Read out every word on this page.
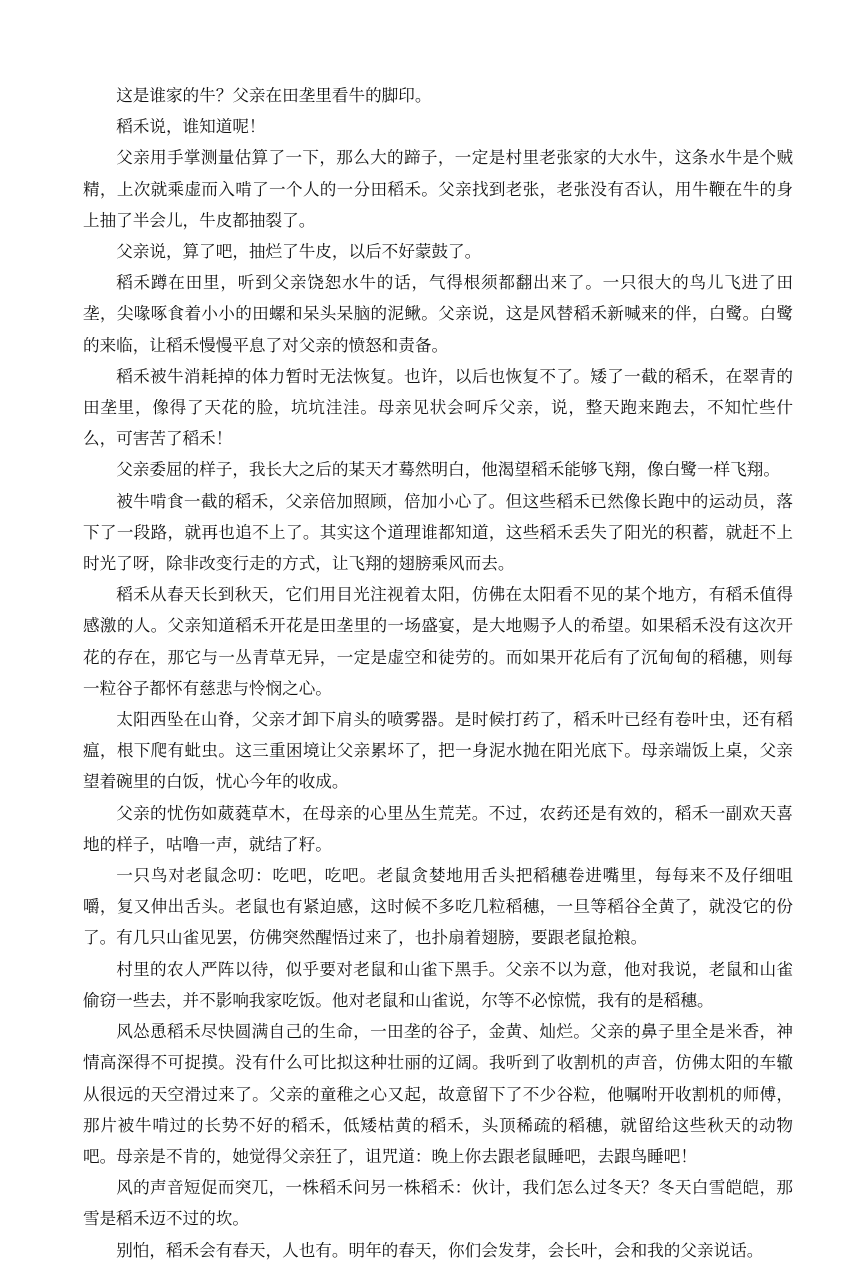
这是谁家的牛？父亲在田垄里看牛的脚印。

稻禾说，谁知道呢！

父亲用手掌测量估算了一下，那么大的蹄子，一定是村里老张家的大水牛，这条水牛是个贼精，上次就乘虚而入啃了一个人的一分田稻禾。父亲找到老张，老张没有否认，用牛鞭在牛的身上抽了半会儿，牛皮都抽裂了。

父亲说，算了吧，抽烂了牛皮，以后不好蒙鼓了。

稻禾蹲在田里，听到父亲饶恕水牛的话，气得根须都翻出来了。一只很大的鸟儿飞进了田垄，尖喙啄食着小小的田螺和呆头呆脑的泥鳅。父亲说，这是风替稻禾新喊来的伴，白鹭。白鹭的来临，让稻禾慢慢平息了对父亲的愤怒和责备。

稻禾被牛消耗掉的体力暂时无法恢复。也许，以后也恢复不了。矮了一截的稻禾，在翠青的田垄里，像得了天花的脸，坑坑洼洼。母亲见状会呵斥父亲，说，整天跑来跑去，不知忙些什么，可害苦了稻禾！

父亲委屈的样子，我长大之后的某天才蓦然明白，他渴望稻禾能够飞翔，像白鹭一样飞翔。

被牛啃食一截的稻禾，父亲倍加照顾，倍加小心了。但这些稻禾已然像长跑中的运动员，落下了一段路，就再也追不上了。其实这个道理谁都知道，这些稻禾丢失了阳光的积蓄，就赶不上时光了呀，除非改变行走的方式，让飞翔的翅膀乘风而去。

稻禾从春天长到秋天，它们用目光注视着太阳，仿佛在太阳看不见的某个地方，有稻禾值得感激的人。父亲知道稻禾开花是田垄里的一场盛宴，是大地赐予人的希望。如果稻禾没有这次开花的存在，那它与一丛青草无异，一定是虚空和徒劳的。而如果开花后有了沉甸甸的稻穗，则每一粒谷子都怀有慈悲与怜悯之心。

太阳西坠在山脊，父亲才卸下肩头的喷雾器。是时候打药了，稻禾叶已经有卷叶虫，还有稻瘟，根下爬有蚍虫。这三重困境让父亲累坏了，把一身泥水抛在阳光底下。母亲端饭上桌，父亲望着碗里的白饭，忧心今年的收成。

父亲的忧伤如葳蕤草木，在母亲的心里丛生荒芜。不过，农药还是有效的，稻禾一副欢天喜地的样子，咕噜一声，就结了籽。

一只鸟对老鼠念叨：吃吧，吃吧。老鼠贪婪地用舌头把稻穗卷进嘴里，每每来不及仔细咀嚼，复又伸出舌头。老鼠也有紧迫感，这时候不多吃几粒稻穗，一旦等稻谷全黄了，就没它的份了。有几只山雀见罢，仿佛突然醒悟过来了，也扑扇着翅膀，要跟老鼠抢粮。

村里的农人严阵以待，似乎要对老鼠和山雀下黑手。父亲不以为意，他对我说，老鼠和山雀偷窃一些去，并不影响我家吃饭。他对老鼠和山雀说，尔等不必惊慌，我有的是稻穗。

风怂恿稻禾尽快圆满自己的生命，一田垄的谷子，金黄、灿烂。父亲的鼻子里全是米香，神情高深得不可捉摸。没有什么可比拟这种壮丽的辽阔。我听到了收割机的声音，仿佛太阳的车辙从很远的天空滑过来了。父亲的童稚之心又起，故意留下了不少谷粒，他嘱咐开收割机的师傅，那片被牛啃过的长势不好的稻禾，低矮枯黄的稻禾，头顶稀疏的稻穗，就留给这些秋天的动物吧。母亲是不肯的，她觉得父亲狂了，诅咒道：晚上你去跟老鼠睡吧，去跟鸟睡吧！

风的声音短促而突兀，一株稻禾问另一株稻禾：伙计，我们怎么过冬天？冬天白雪皑皑，那雪是稻禾迈不过的坎。

别怕，稻禾会有春天，人也有。明年的春天，你们会发芽，会长叶，会和我的父亲说话。
